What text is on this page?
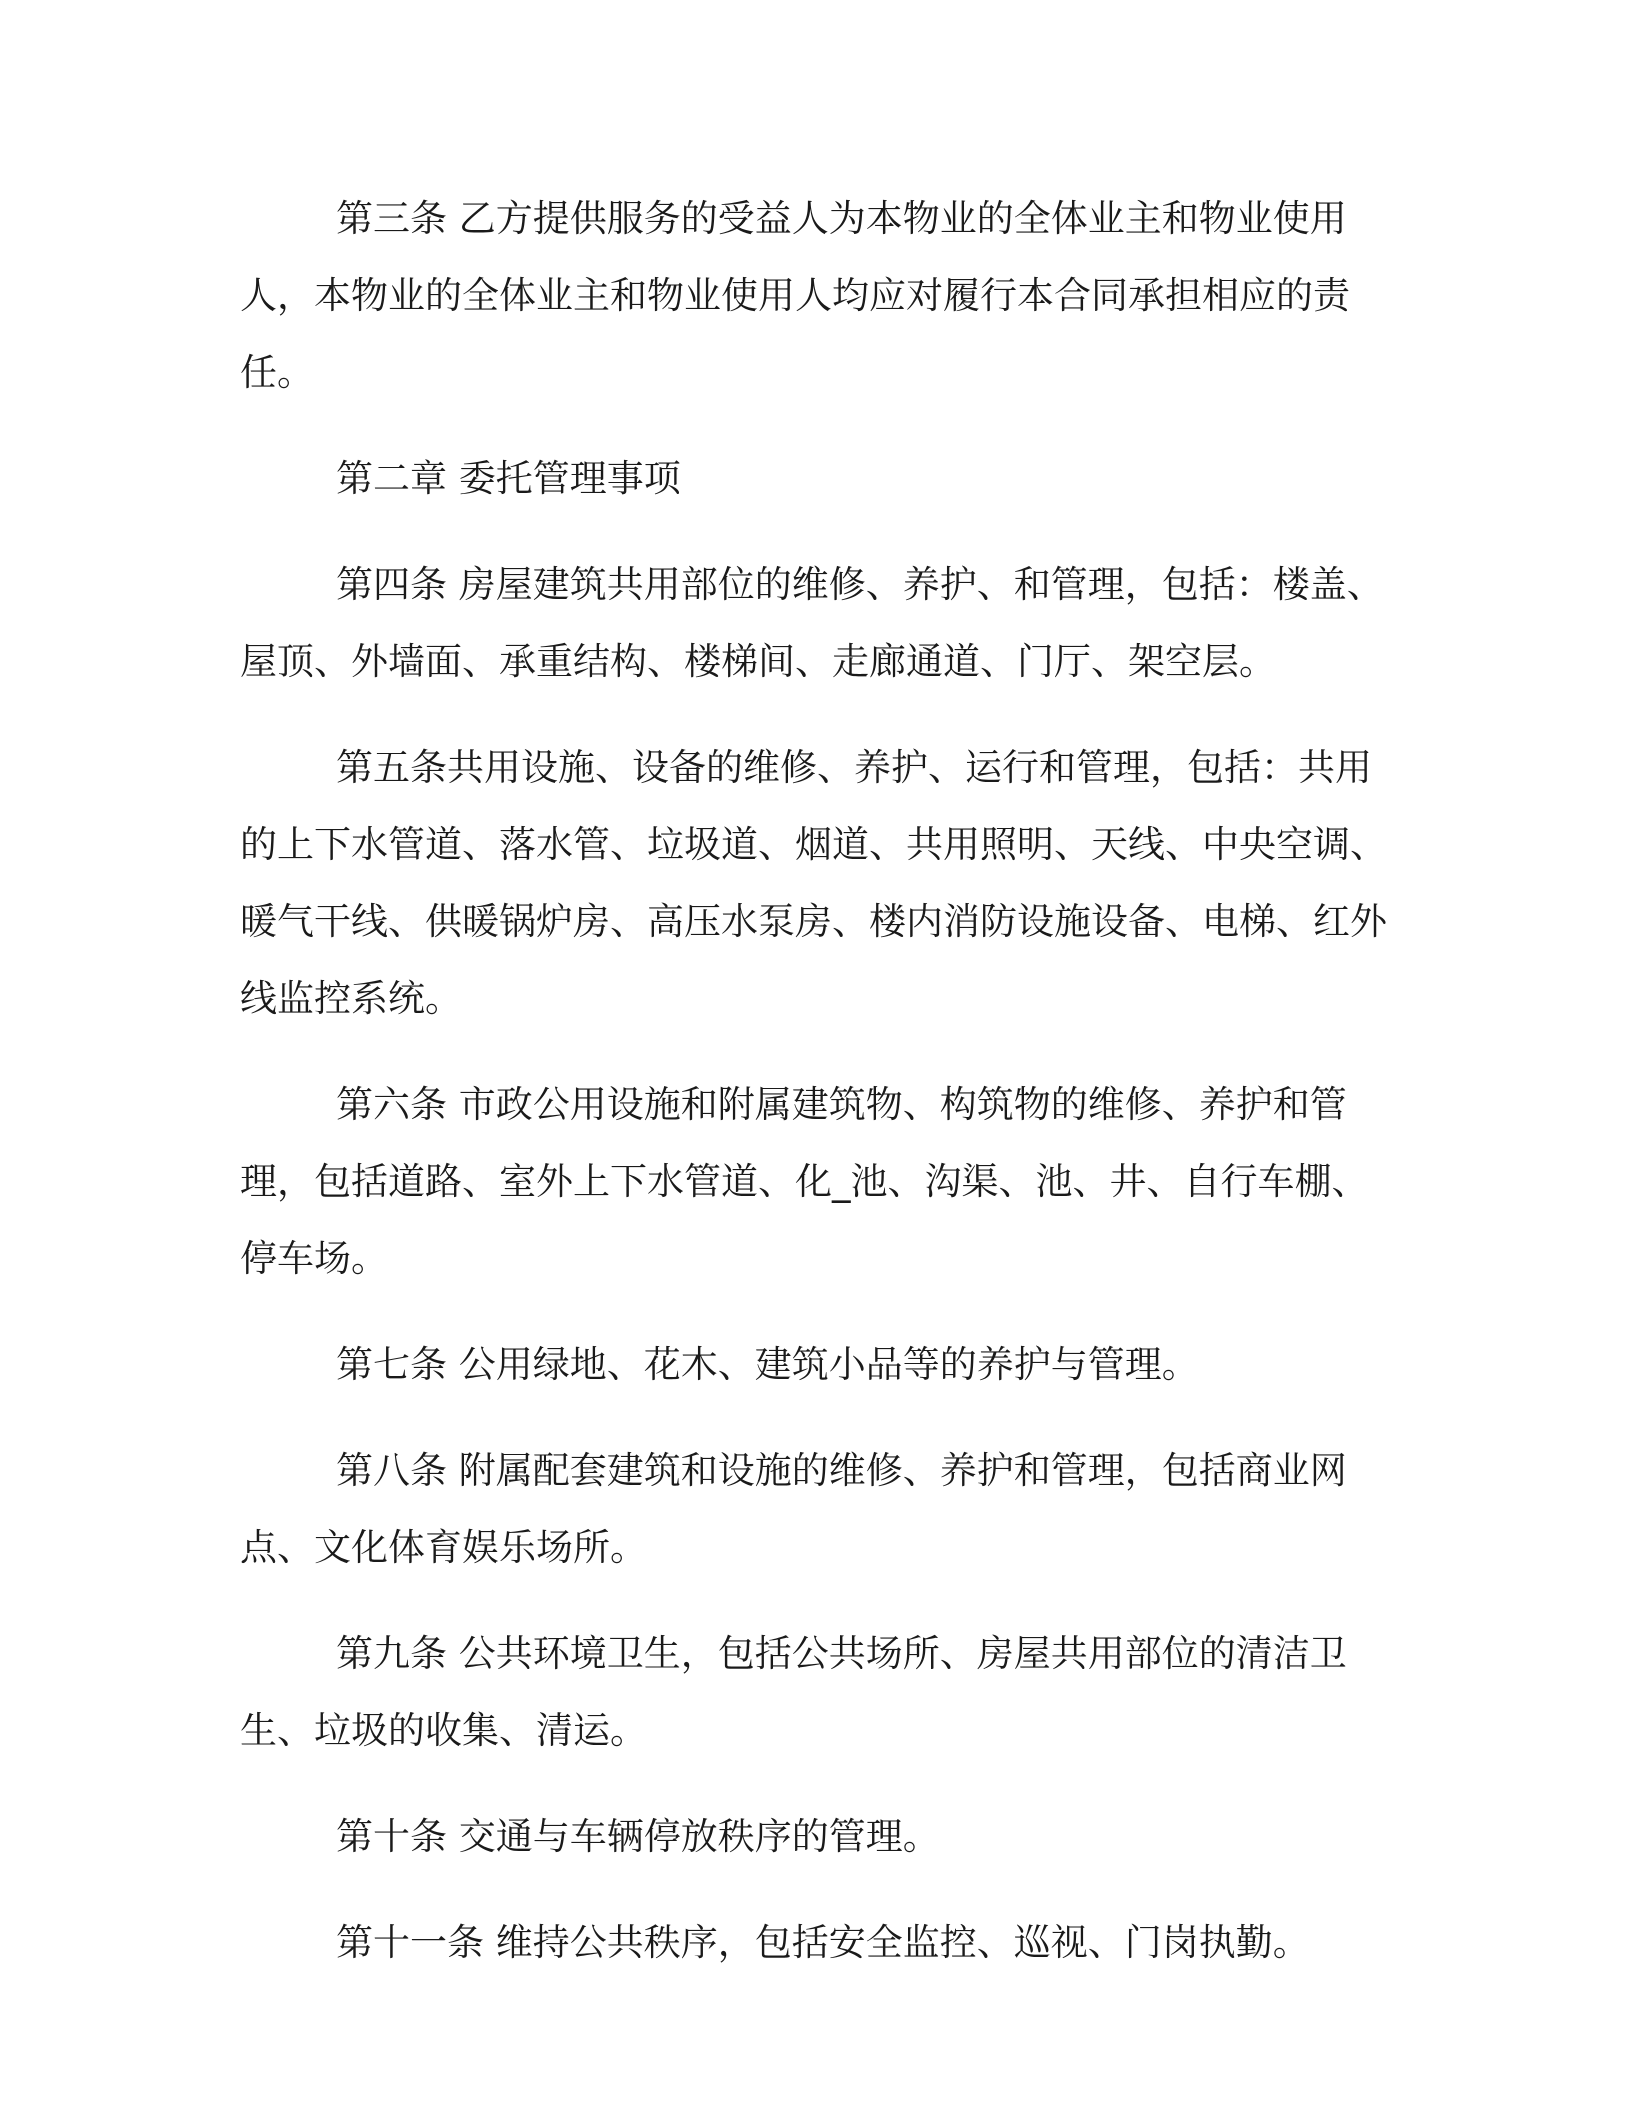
第三条 乙方提供服务的受益人为本物业的全体业主和物业使用人，本物业的全体业主和物业使用人均应对履行本合同承担相应的责任。

第二章 委托管理事项

第四条 房屋建筑共用部位的维修、养护、和管理，包括：楼盖、屋顶、外墙面、承重结构、楼梯间、走廊通道、门厅、架空层。

第五条共用设施、设备的维修、养护、运行和管理，包括：共用的上下水管道、落水管、垃圾道、烟道、共用照明、天线、中央空调、暖气干线、供暖锅炉房、高压水泵房、楼内消防设施设备、电梯、红外线监控系统。

第六条 市政公用设施和附属建筑物、构筑物的维修、养护和管理，包括道路、室外上下水管道、化_池、沟渠、池、井、自行车棚、停车场。

第七条 公用绿地、花木、建筑小品等的养护与管理。

第八条 附属配套建筑和设施的维修、养护和管理，包括商业网点、文化体育娱乐场所。

第九条 公共环境卫生，包括公共场所、房屋共用部位的清洁卫生、垃圾的收集、清运。

第十条 交通与车辆停放秩序的管理。

第十一条 维持公共秩序，包括安全监控、巡视、门岗执勤。
